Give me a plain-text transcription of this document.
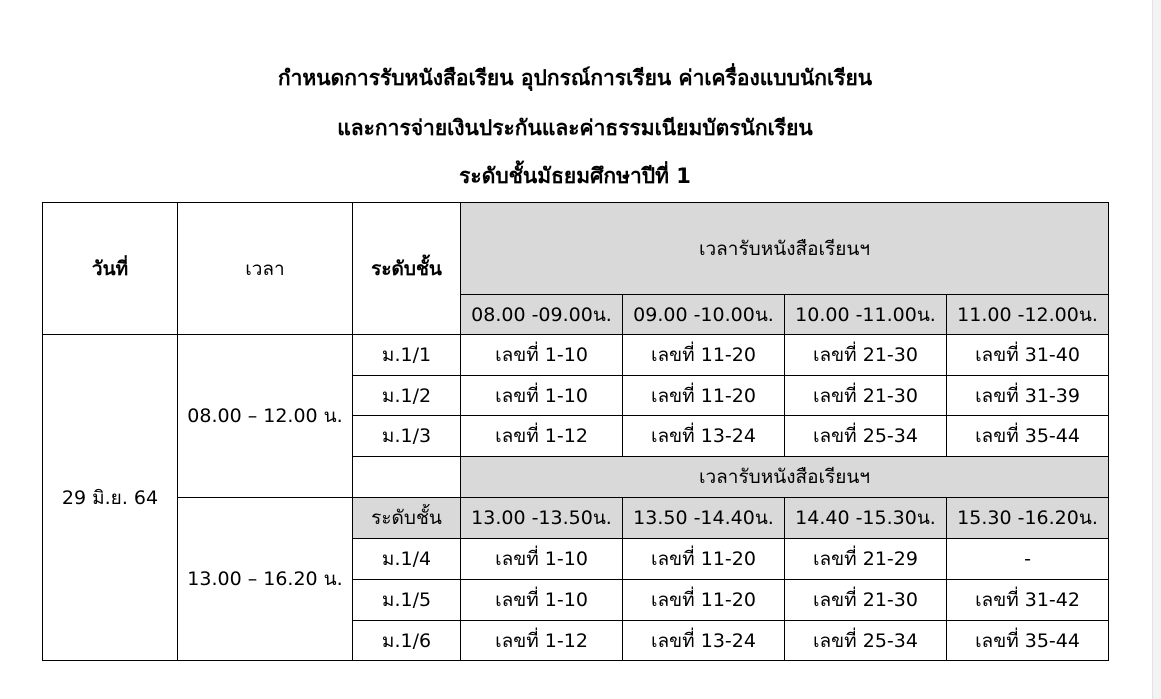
กำหนดการรับหนังสือเรียน อุปกรณ์การเรียน ค่าเครื่องแบบนักเรียน
และการจ่ายเงินประกันและค่าธรรมเนียมบัตรนักเรียน
ระดับชั้นมัธยมศึกษาปีที่ 1
วันที่	เวลา	ระดับชั้น	เวลารับหนังสือเรียนฯ			
			08.00 -09.00น.	09.00 -10.00น.	10.00 -11.00น.	11.00 -12.00น.
29 มิ.ย. 64	08.00 – 12.00 น.	ม.1/1	เลขที่ 1-10	เลขที่ 11-20	เลขที่ 21-30	เลขที่ 31-40
		ม.1/2	เลขที่ 1-10	เลขที่ 11-20	เลขที่ 21-30	เลขที่ 31-39
		ม.1/3	เลขที่ 1-12	เลขที่ 13-24	เลขที่ 25-34	เลขที่ 35-44
			เวลารับหนังสือเรียนฯ			
	13.00 – 16.20 น.	ระดับชั้น	13.00 -13.50น.	13.50 -14.40น.	14.40 -15.30น.	15.30 -16.20น.
		ม.1/4	เลขที่ 1-10	เลขที่ 11-20	เลขที่ 21-29	-
		ม.1/5	เลขที่ 1-10	เลขที่ 11-20	เลขที่ 21-30	เลขที่ 31-42
		ม.1/6	เลขที่ 1-12	เลขที่ 13-24	เลขที่ 25-34	เลขที่ 35-44
